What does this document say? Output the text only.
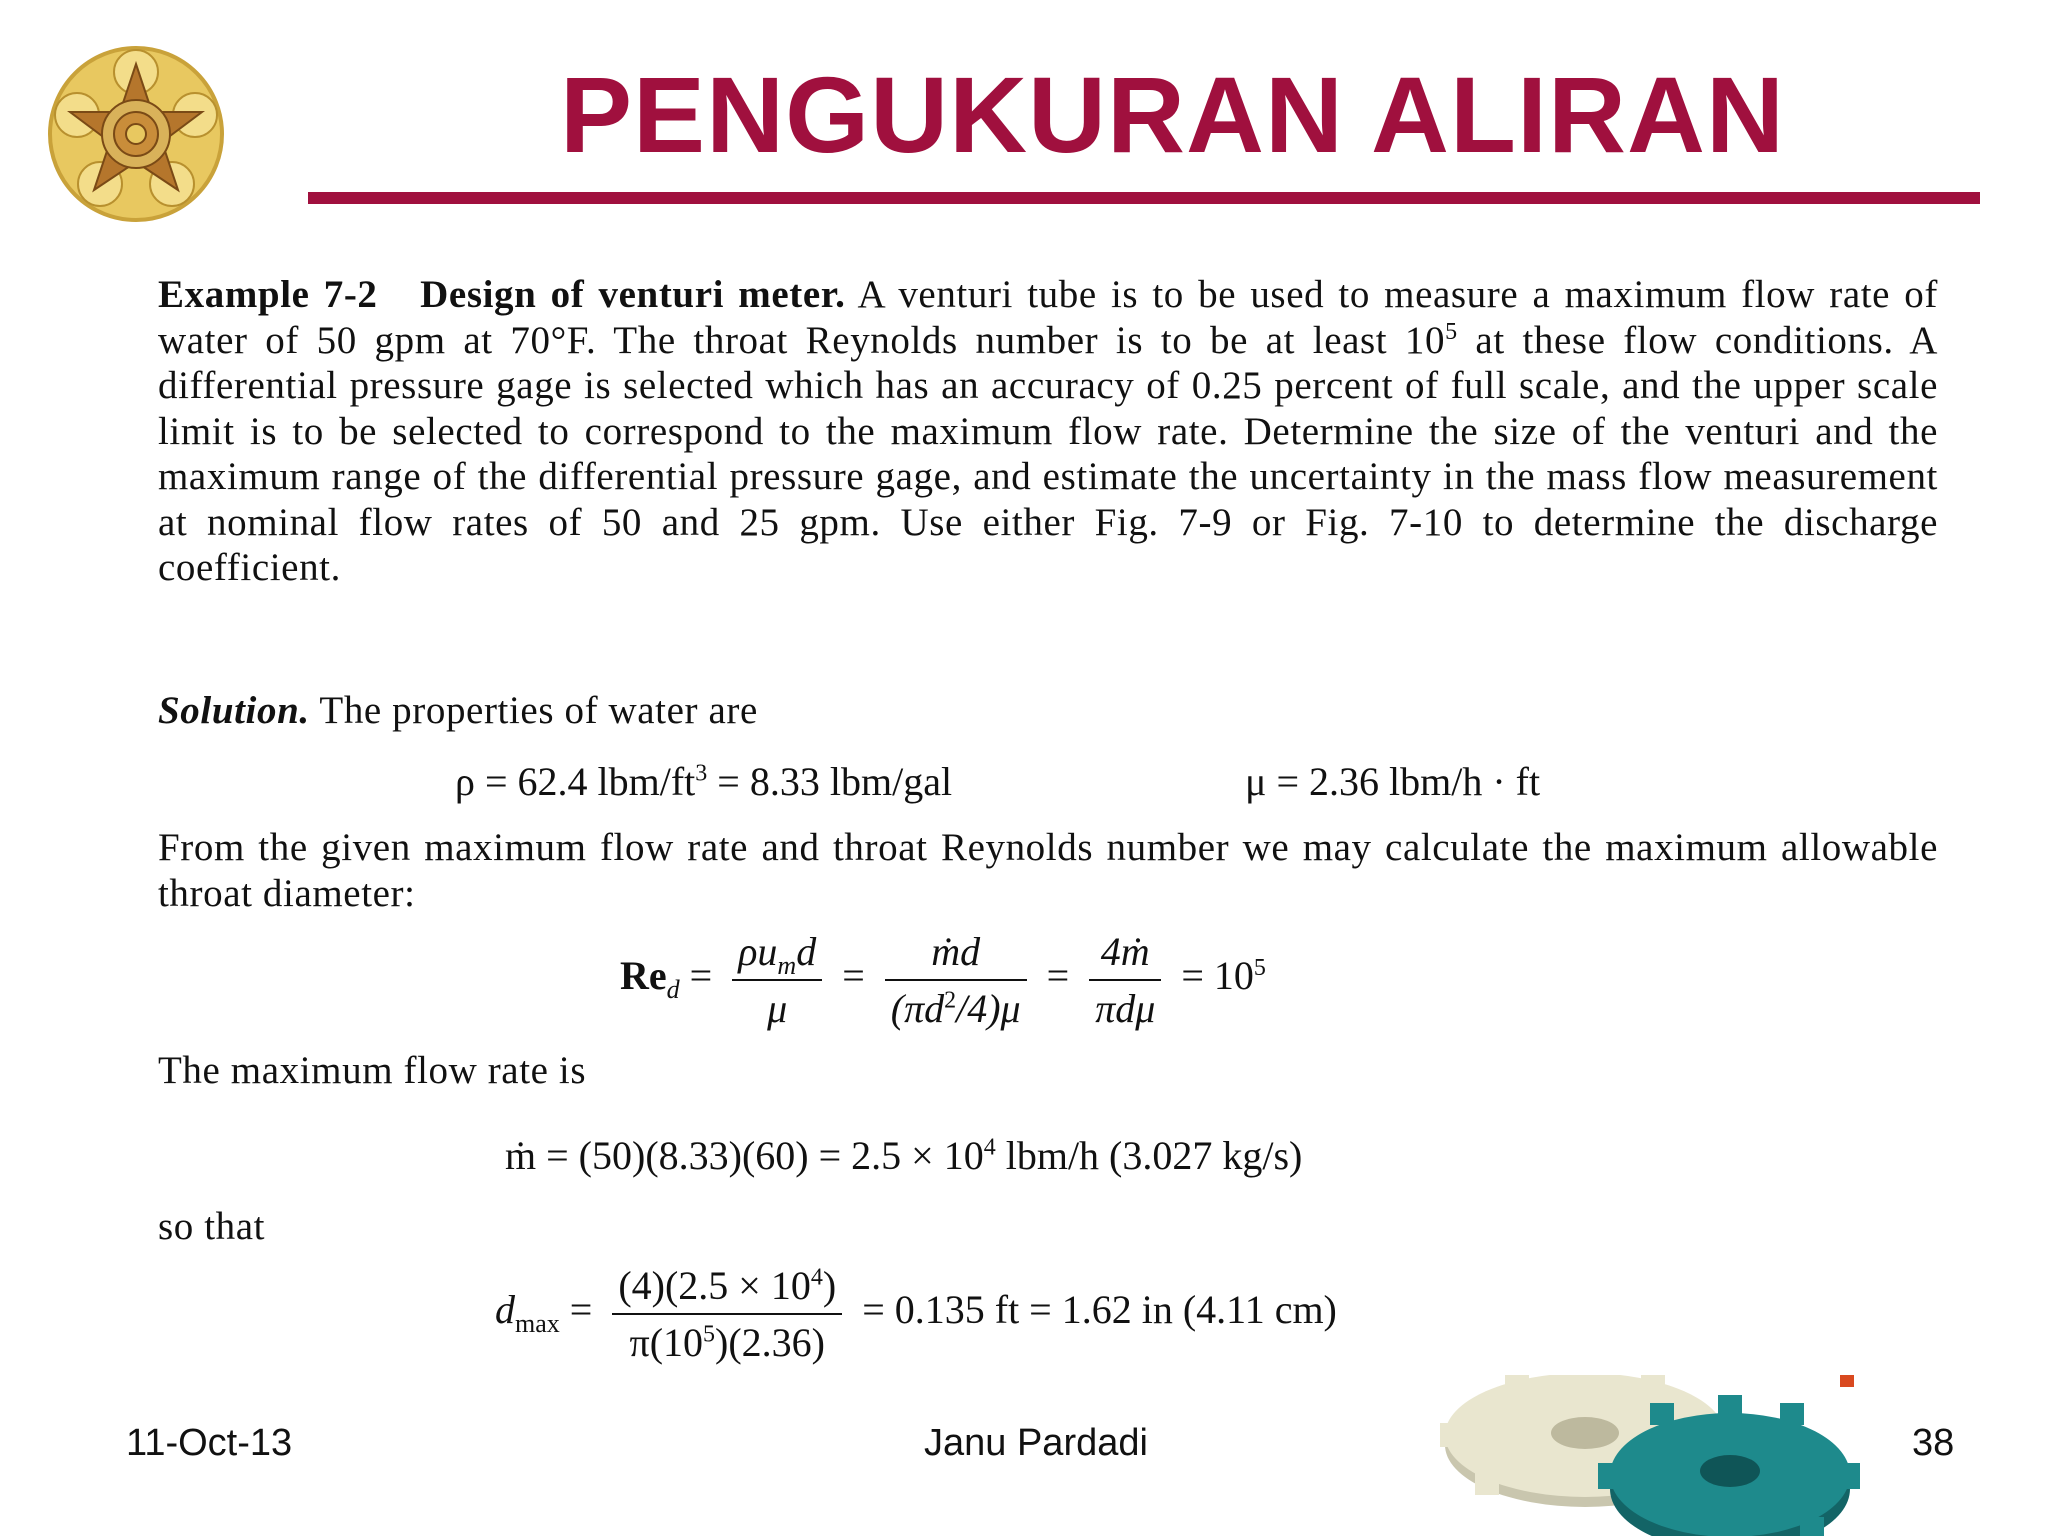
PENGUKURAN ALIRAN

Example 7-2 Design of venturi meter. A venturi tube is to be used to measure a maximum flow rate of water of 50 gpm at 70°F. The throat Reynolds number is to be at least $10^5$ at these flow conditions. A differential pressure gage is selected which has an accuracy of 0.25 percent of full scale, and the upper scale limit is to be selected to correspond to the maximum flow rate. Determine the size of the venturi and the maximum range of the differential pressure gage, and estimate the uncertainty in the mass flow measurement at nominal flow rates of 50 and 25 gpm. Use either Fig. 7-9 or Fig. 7-10 to determine the discharge coefficient.

Solution. The properties of water are
ρ = 62.4 lbm/$ft^3 = 8.33$ lbm/gal	μ = 2.36 lbm/h · ft

From the given maximum flow rate and throat Reynolds number we may calculate the maximum allowable throat diameter:

$Re_d = \frac{\rho u_md}{\mu} = \frac{\text{ṁd}}{(\pi d^2/4)\mu} = \frac{\text{4ṁ}}{\text{πdμ}} = 10^5$
The maximum flow rate is
ṁ = $(50)(8.33)(60) = 2.5 \times 10^4$ lbm/h (3.027 kg/s)
so that
$d_{max} = \frac{(4)(2.5 \times 10^4)}{\pi(10^5)(2.36)} = 0.135$ ft = 1.62 in (4.11 cm)
11-Oct-13	Janu Pardadi	38
